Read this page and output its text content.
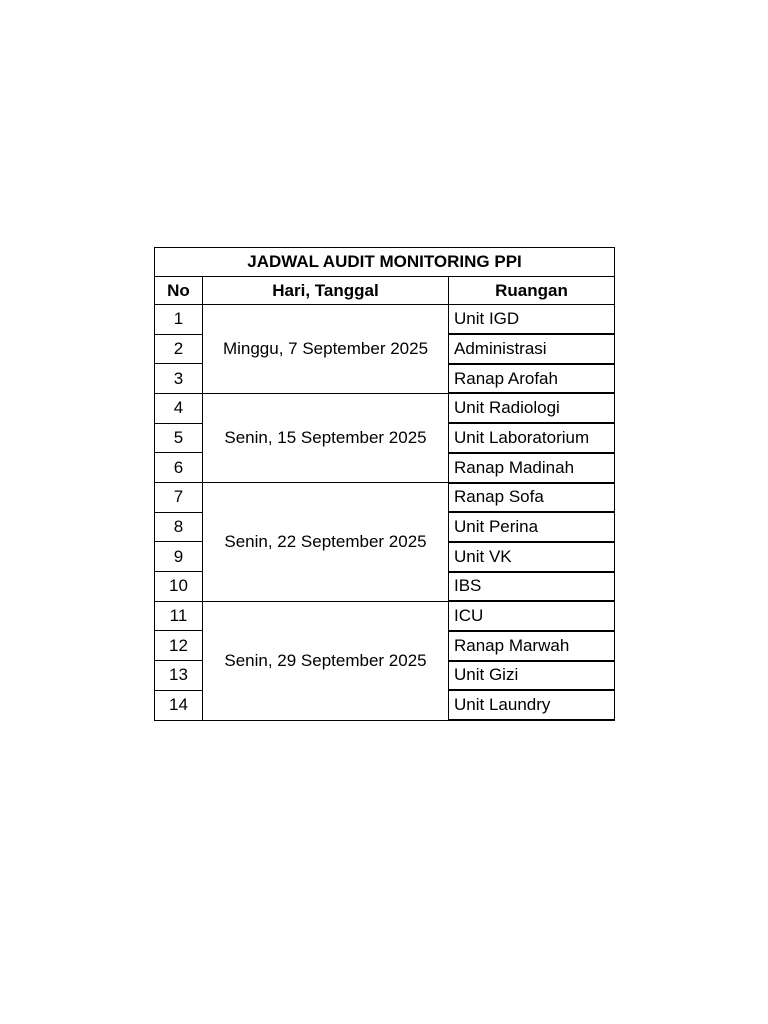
JADWAL AUDIT MONITORING PPI		
No	Hari, Tanggal	Ruangan
1	Minggu, 7 September 2025	Unit IGD
2		Administrasi
3		Ranap Arofah
4	Senin, 15 September 2025	Unit Radiologi
5		Unit Laboratorium
6		Ranap Madinah
7	Senin, 22 September 2025	Ranap Sofa
8		Unit Perina
9		Unit VK
10		IBS
11	Senin, 29 September 2025	ICU
12		Ranap Marwah
13		Unit Gizi
14		Unit Laundry
